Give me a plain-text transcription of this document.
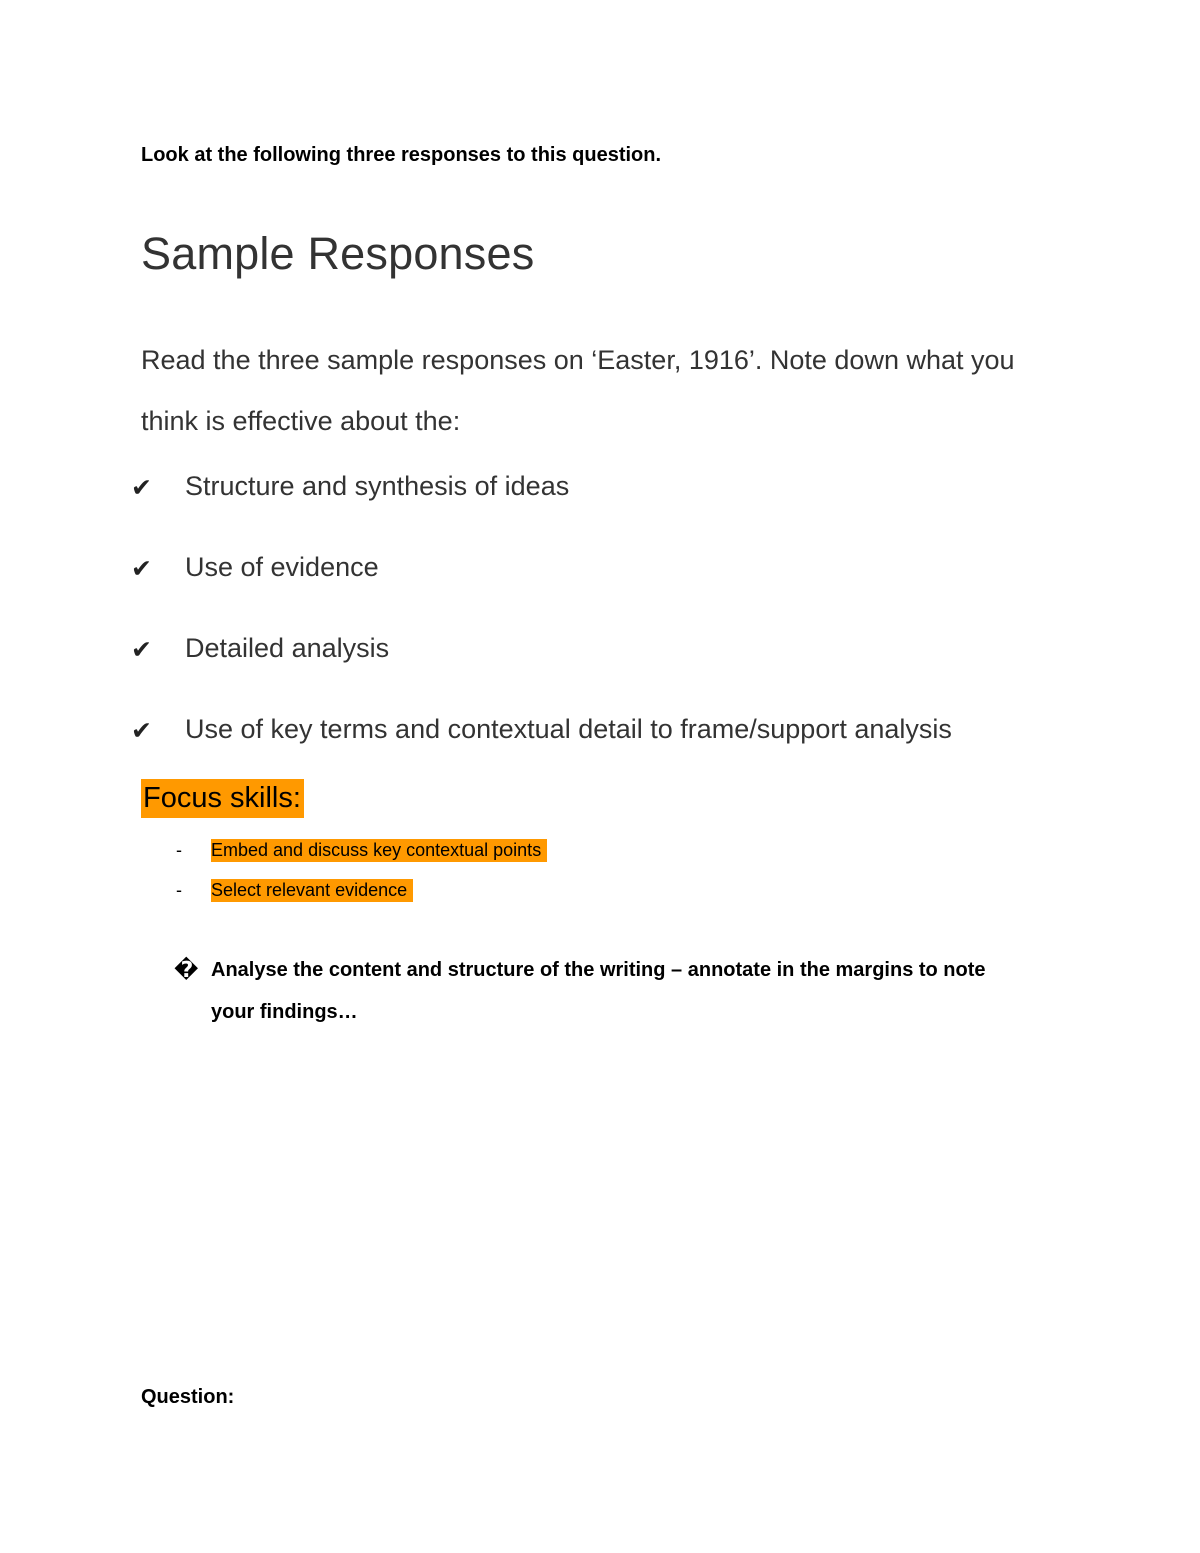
Look at the following three responses to this question.
Sample Responses
Read the three sample responses on ‘Easter, 1916’. Note down what you think is effective about the:
✔	Structure and synthesis of ideas
✔	Use of evidence
✔	Detailed analysis
✔	Use of key terms and contextual detail to frame/support analysis
Focus skills:
-	Embed and discuss key contextual points
-	Select relevant evidence
� Analyse the content and structure of the writing – annotate in the margins to note your findings…
Question:
